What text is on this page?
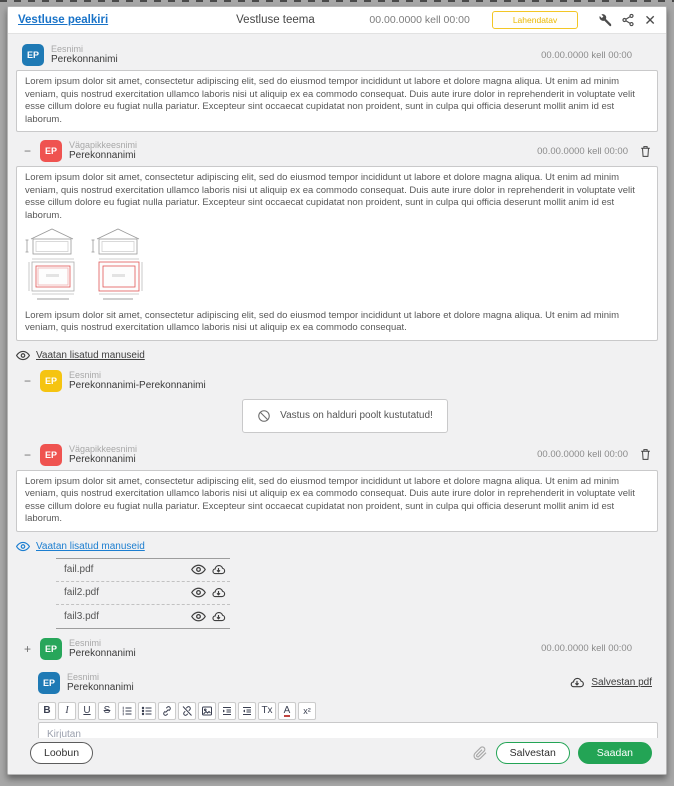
Vestluse pealkiri	Vestluse teema	00.00.0000 kell 00:00	Lahendatav	✕
EP
Eesnimi
Perekonnanimi	00.00.0000 kell 00:00
Lorem ipsum dolor sit amet, consectetur adipiscing elit, sed do eiusmod tempor incididunt ut labore et dolore magna aliqua. Ut enim ad minim veniam, quis nostrud exercitation ullamco laboris nisi ut aliquip ex ea commodo consequat. Duis aute irure dolor in reprehenderit in voluptate velit esse cillum dolore eu fugiat nulla pariatur. Excepteur sint occaecat cupidatat non proident, sunt in culpa qui officia deserunt mollit anim id est laborum.
−	EP
Vägapikkeesnimi
Perekonnanimi	00.00.0000 kell 00:00
Lorem ipsum dolor sit amet, consectetur adipiscing elit, sed do eiusmod tempor incididunt ut labore et dolore magna aliqua. Ut enim ad minim veniam, quis nostrud exercitation ullamco laboris nisi ut aliquip ex ea commodo consequat. Duis aute irure dolor in reprehenderit in voluptate velit esse cillum dolore eu fugiat nulla pariatur. Excepteur sint occaecat cupidatat non proident, sunt in culpa qui officia deserunt mollit anim id est laborum.
Lorem ipsum dolor sit amet, consectetur adipiscing elit, sed do eiusmod tempor incididunt ut labore et dolore magna aliqua. Ut enim ad minim veniam, quis nostrud exercitation ullamco laboris nisi ut aliquip ex ea commodo consequat.
Vaatan lisatud manuseid
−	EP
Eesnimi
Perekonnanimi-Perekonnanimi
Vastus on halduri poolt kustutatud!
−	EP
Vägapikkeesnimi
Perekonnanimi	00.00.0000 kell 00:00
Lorem ipsum dolor sit amet, consectetur adipiscing elit, sed do eiusmod tempor incididunt ut labore et dolore magna aliqua. Ut enim ad minim veniam, quis nostrud exercitation ullamco laboris nisi ut aliquip ex ea commodo consequat. Duis aute irure dolor in reprehenderit in voluptate velit esse cillum dolore eu fugiat nulla pariatur. Excepteur sint occaecat cupidatat non proident, sunt in culpa qui officia deserunt mollit anim id est laborum.
Vaatan lisatud manuseid
fail.pdf
fail2.pdf
fail3.pdf
+	EP
Eesnimi
Perekonnanimi	00.00.0000 kell 00:00
EP
Eesnimi
Perekonnanimi	Salvestan pdf
B	I	U	S	Tx	A	x²
Kirjutan
Loobun	Salvestan	Saadan
